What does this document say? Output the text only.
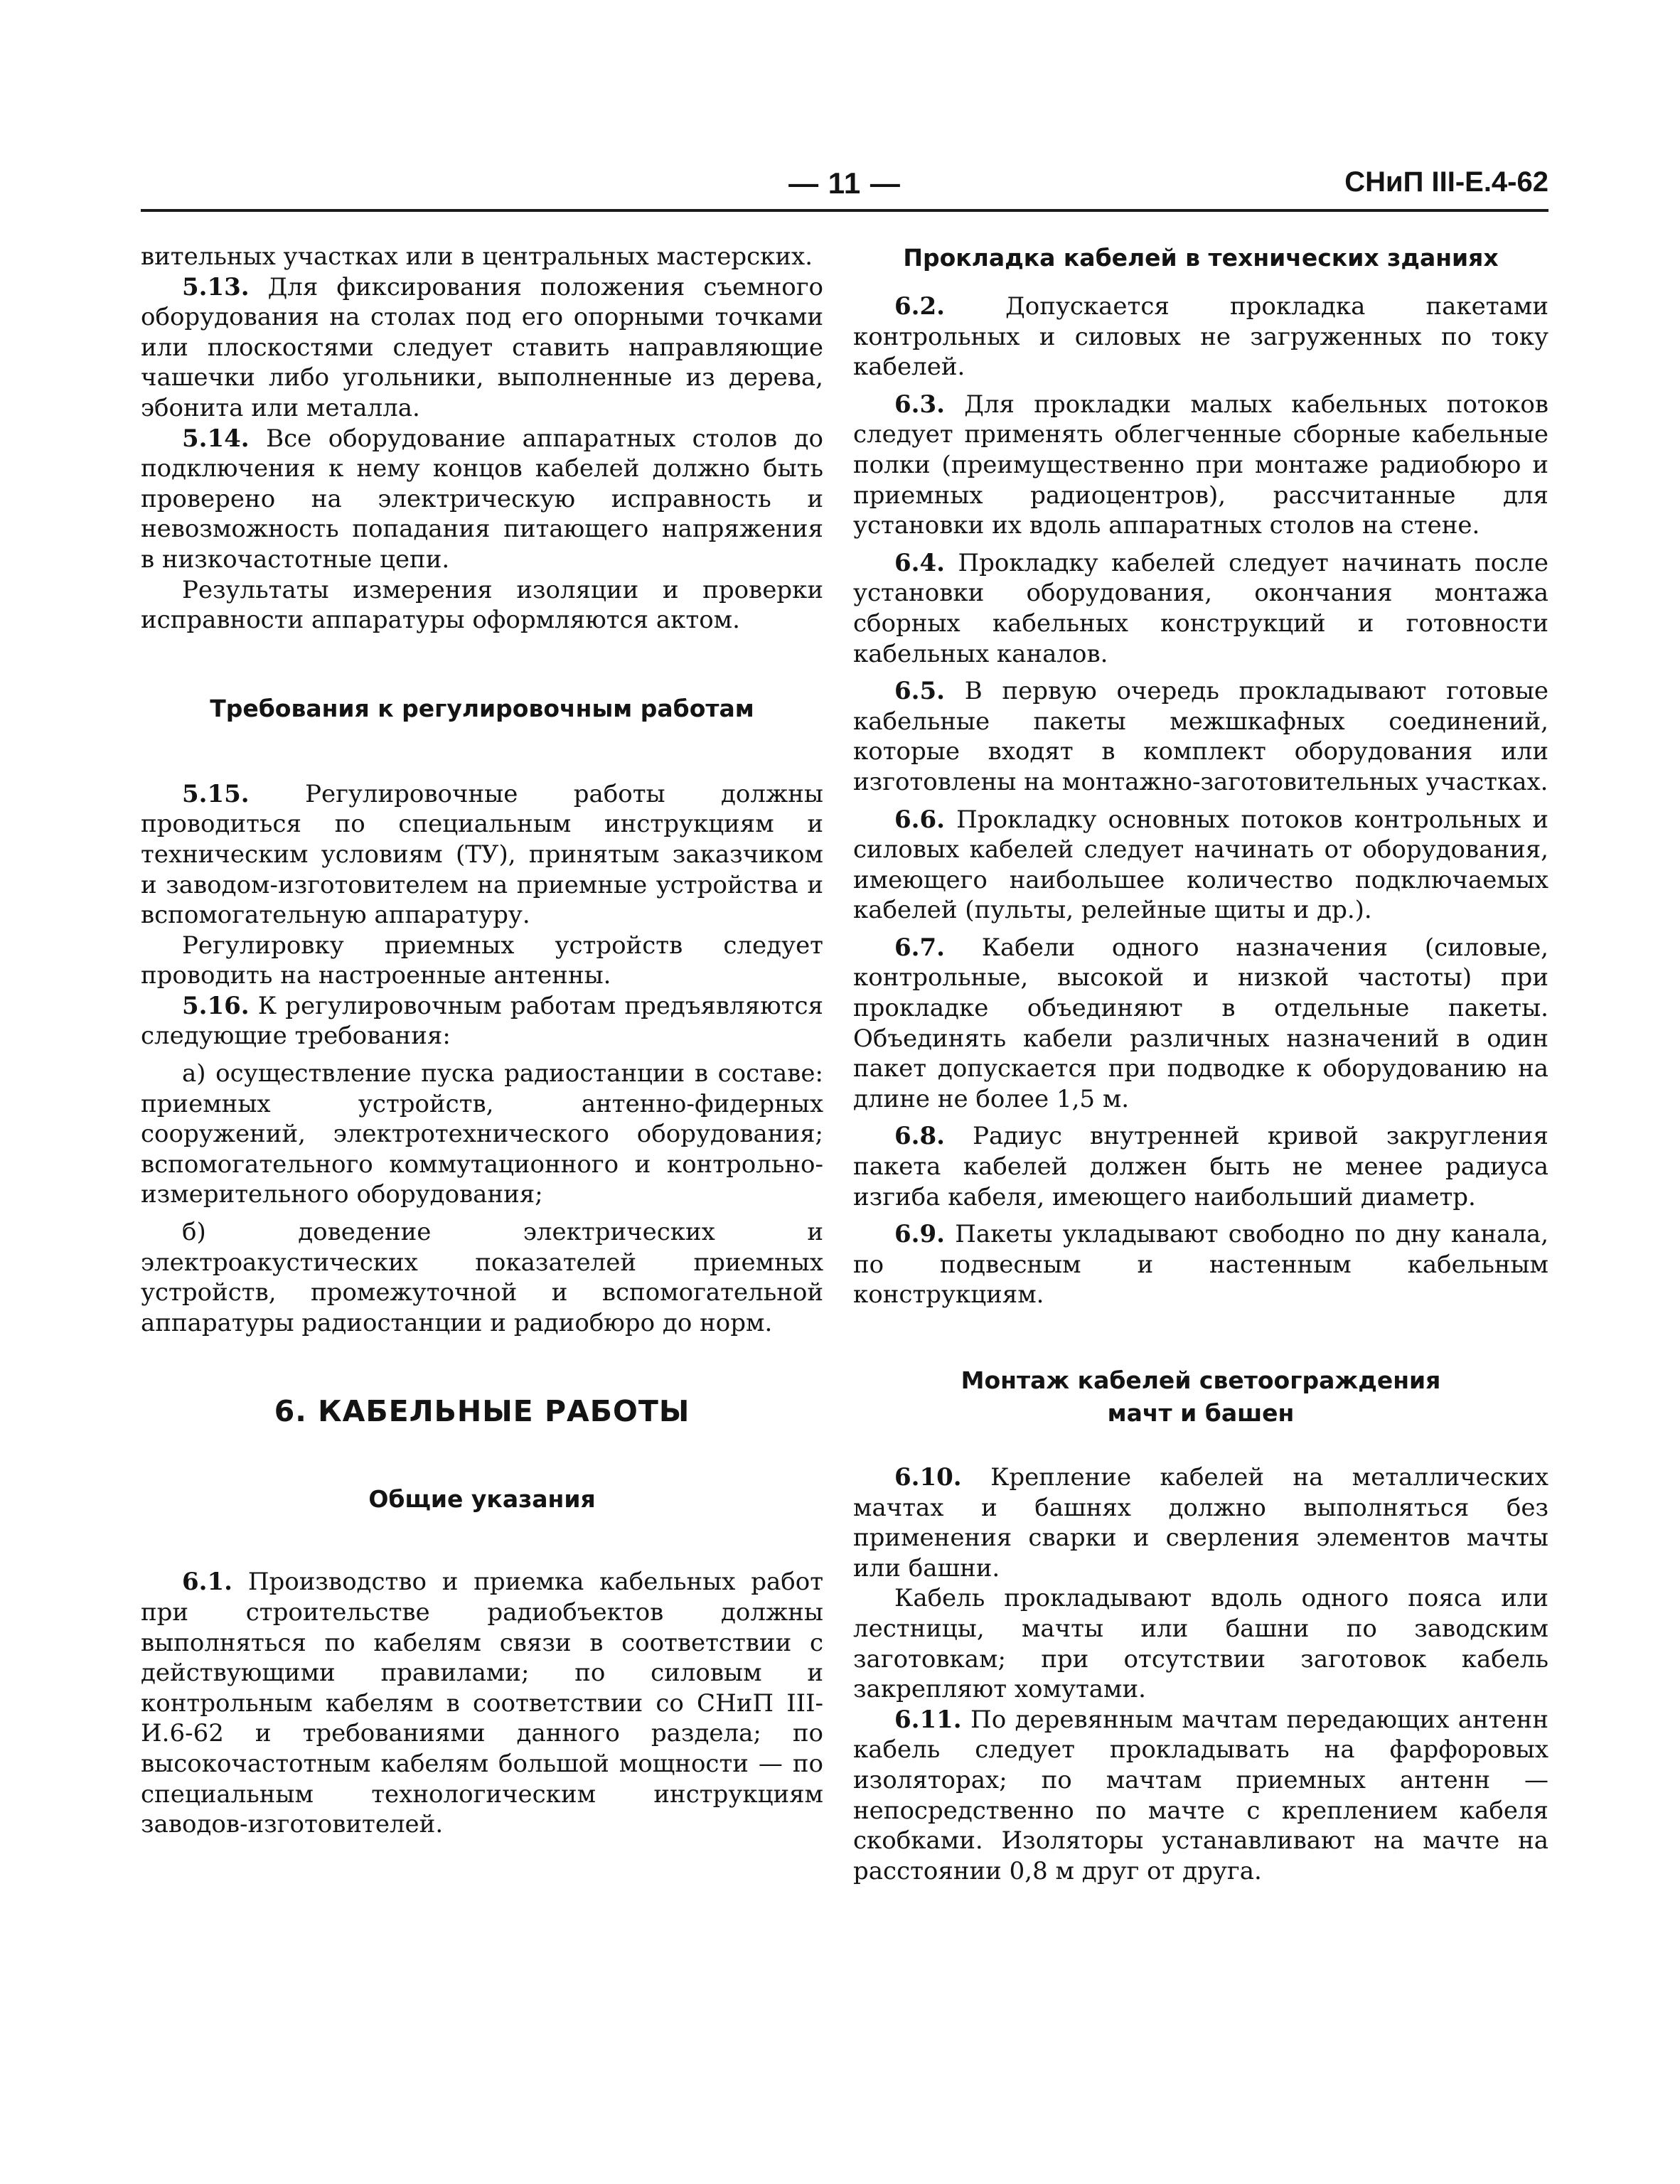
— 11 —	СНиП III-Е.4-62

вительных участках или в центральных мастерских.

5.13. Для фиксирования положения съемного оборудования на столах под его опорными точками или плоскостями следует ставить направляющие чашечки либо угольники, выполненные из дерева, эбонита или металла.

5.14. Все оборудование аппаратных столов до подключения к нему концов кабелей должно быть проверено на электрическую исправность и невозможность попадания питающего напряжения в низкочастотные цепи.

Результаты измерения изоляции и проверки исправности аппаратуры оформляются актом.

Требования к регулировочным работам

5.15. Регулировочные работы должны проводиться по специальным инструкциям и техническим условиям (ТУ), принятым заказчиком и заводом-изготовителем на приемные устройства и вспомогательную аппаратуру.

Регулировку приемных устройств следует проводить на настроенные антенны.

5.16. К регулировочным работам предъявляются следующие требования:

а) осуществление пуска радиостанции в составе: приемных устройств, антенно-фидерных сооружений, электротехнического оборудования; вспомогательного коммутационного и контрольно-измерительного оборудования;

б) доведение электрических и электроакустических показателей приемных устройств, промежуточной и вспомогательной аппаратуры радиостанции и радиобюро до норм.

6. КАБЕЛЬНЫЕ РАБОТЫ
Общие указания

6.1. Производство и приемка кабельных работ при строительстве радиобъектов должны выполняться по кабелям связи в соответствии с действующими правилами; по силовым и контрольным кабелям в соответствии со СНиП III-И.6-62 и требованиями данного раздела; по высокочастотным кабелям большой мощности — по специальным технологическим инструкциям заводов-изготовителей.

Прокладка кабелей в технических зданиях

6.2. Допускается прокладка пакетами контрольных и силовых не загруженных по току кабелей.

6.3. Для прокладки малых кабельных потоков следует применять облегченные сборные кабельные полки (преимущественно при монтаже радиобюро и приемных радиоцентров), рассчитанные для установки их вдоль аппаратных столов на стене.

6.4. Прокладку кабелей следует начинать после установки оборудования, окончания монтажа сборных кабельных конструкций и готовности кабельных каналов.

6.5. В первую очередь прокладывают готовые кабельные пакеты межшкафных соединений, которые входят в комплект оборудования или изготовлены на монтажно-заготовительных участках.

6.6. Прокладку основных потоков контрольных и силовых кабелей следует начинать от оборудования, имеющего наибольшее количество подключаемых кабелей (пульты, релейные щиты и др.).

6.7. Кабели одного назначения (силовые, контрольные, высокой и низкой частоты) при прокладке объединяют в отдельные пакеты. Объединять кабели различных назначений в один пакет допускается при подводке к оборудованию на длине не более 1,5 м.

6.8. Радиус внутренней кривой закругления пакета кабелей должен быть не менее радиуса изгиба кабеля, имеющего наибольший диаметр.

6.9. Пакеты укладывают свободно по дну канала, по подвесным и настенным кабельным конструкциям.

Монтаж кабелей светоограждения мачт и башен

6.10. Крепление кабелей на металлических мачтах и башнях должно выполняться без применения сварки и сверления элементов мачты или башни.

Кабель прокладывают вдоль одного пояса или лестницы, мачты или башни по заводским заготовкам; при отсутствии заготовок кабель закрепляют хомутами.

6.11. По деревянным мачтам передающих антенн кабель следует прокладывать на фарфоровых изоляторах; по мачтам приемных антенн — непосредственно по мачте с креплением кабеля скобками. Изоляторы устанавливают на мачте на расстоянии 0,8 м друг от друга.
